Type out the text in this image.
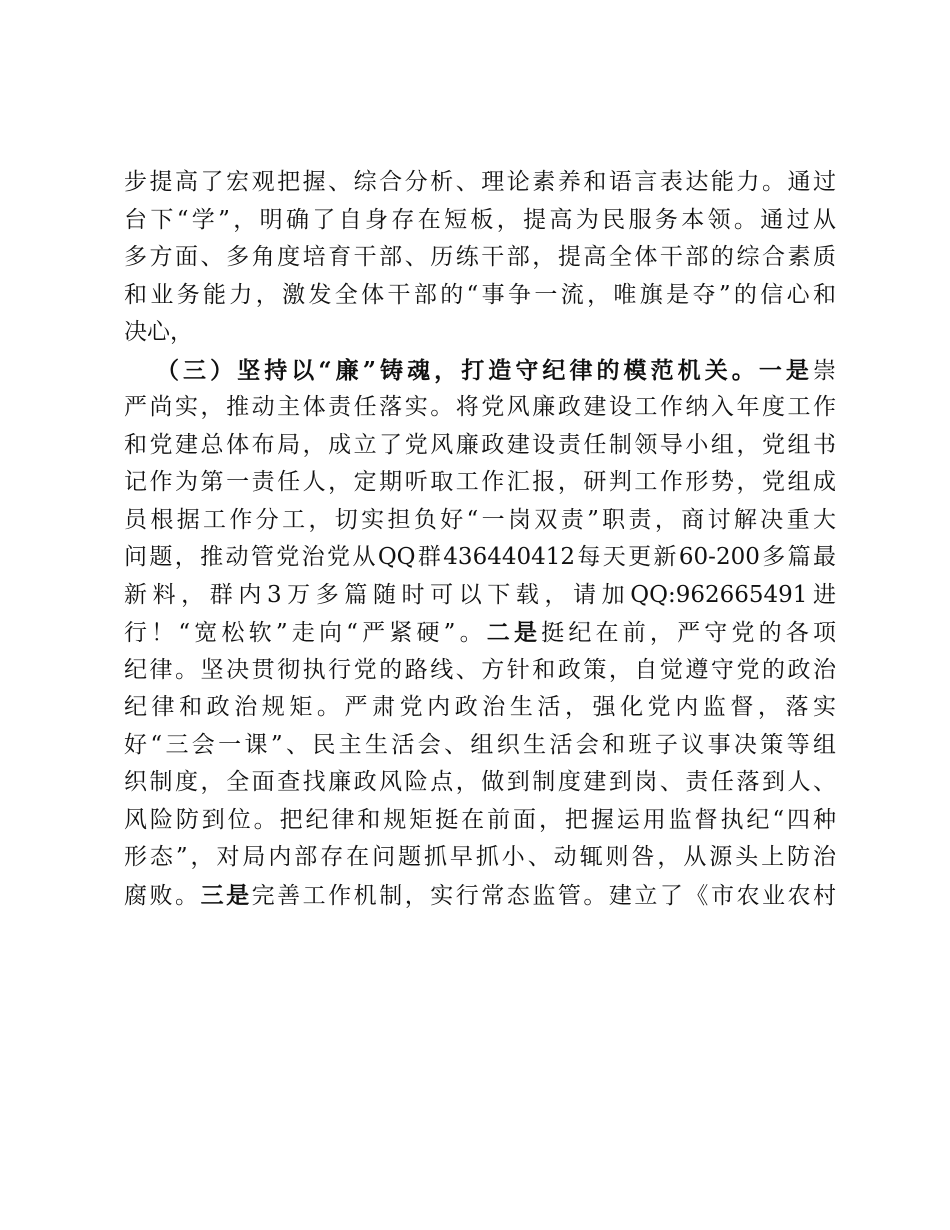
步提高了宏观把握、综合分析、理论素养和语言表达能力。通过
台下“学”，明确了自身存在短板，提高为民服务本领。通过从
多方面、多角度培育干部、历练干部，提高全体干部的综合素质
和业务能力，激发全体干部的“事争一流，唯旗是夺”的信心和
决心，
（三）坚持以“廉”铸魂，打造守纪律的模范机关。一是崇
严尚实，推动主体责任落实。将党风廉政建设工作纳入年度工作
和党建总体布局，成立了党风廉政建设责任制领导小组，党组书
记作为第一责任人，定期听取工作汇报，研判工作形势，党组成
员根据工作分工，切实担负好“一岗双责”职责，商讨解决重大
问题，推动管党治党从QQ群436440412每天更新60-200多篇最
新料，群内3万多篇随时可以下载，请加QQ:962665491进
行！“宽松软”走向“严紧硬”。二是挺纪在前，严守党的各项
纪律。坚决贯彻执行党的路线、方针和政策，自觉遵守党的政治
纪律和政治规矩。严肃党内政治生活，强化党内监督，落实
好“三会一课”、民主生活会、组织生活会和班子议事决策等组
织制度，全面查找廉政风险点，做到制度建到岗、责任落到人、
风险防到位。把纪律和规矩挺在前面，把握运用监督执纪“四种
形态”，对局内部存在问题抓早抓小、动辄则咎，从源头上防治
腐败。三是完善工作机制，实行常态监管。建立了《市农业农村
